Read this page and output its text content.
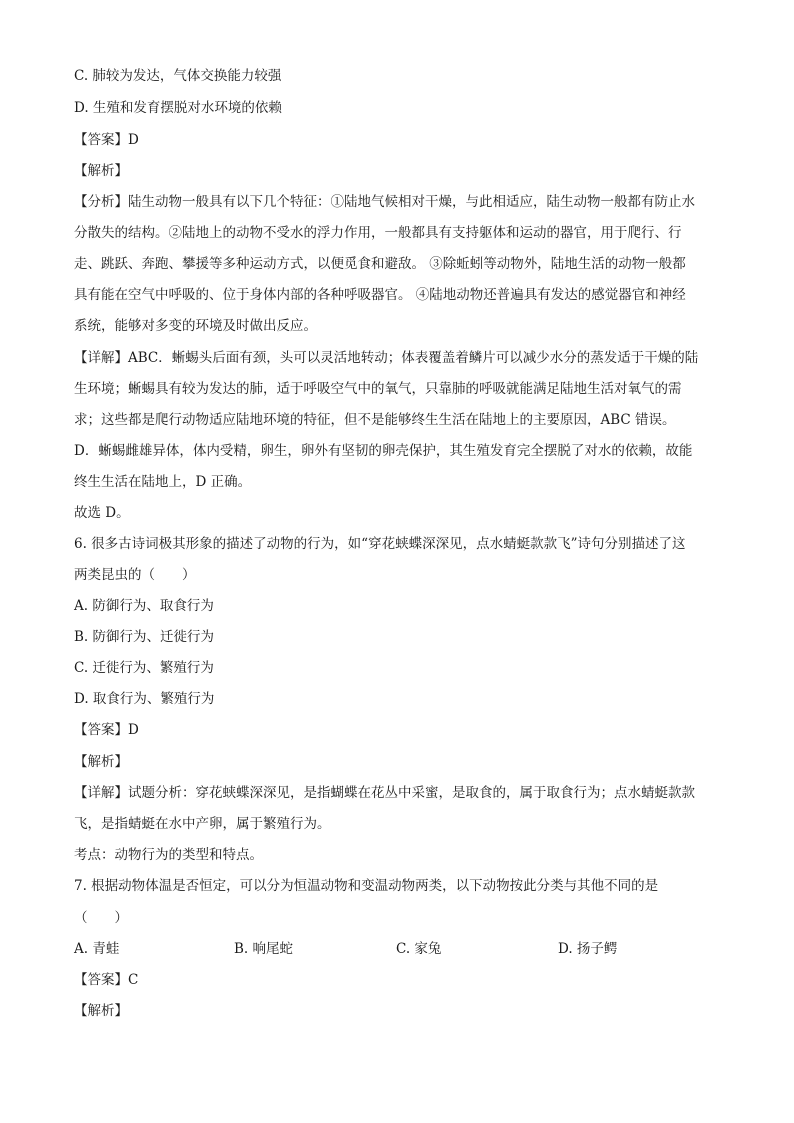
C. 肺较为发达，气体交换能力较强
D. 生殖和发育摆脱对水环境的依赖
【答案】D
【解析】
【分析】陆生动物一般具有以下几个特征：①陆地气候相对干燥，与此相适应，陆生动物一般都有防止水
分散失的结构。②陆地上的动物不受水的浮力作用，一般都具有支持躯体和运动的器官，用于爬行、行
走、跳跃、奔跑、攀援等多种运动方式，以便觅食和避敌。 ③除蚯蚓等动物外，陆地生活的动物一般都
具有能在空气中呼吸的、位于身体内部的各种呼吸器官。 ④陆地动物还普遍具有发达的感觉器官和神经
系统，能够对多变的环境及时做出反应。
【详解】ABC．蜥蜴头后面有颈，头可以灵活地转动；体表覆盖着鳞片可以减少水分的蒸发适于干燥的陆
生环境；蜥蜴具有较为发达的肺，适于呼吸空气中的氧气，只靠肺的呼吸就能满足陆地生活对氧气的需
求；这些都是爬行动物适应陆地环境的特征，但不是能够终生生活在陆地上的主要原因，ABC 错误。
D．蜥蜴雌雄异体，体内受精，卵生，卵外有坚韧的卵壳保护，其生殖发育完全摆脱了对水的依赖，故能
终生生活在陆地上，D 正确。
故选 D。
6. 很多古诗词极其形象的描述了动物的行为，如“穿花蛱蝶深深见，点水蜻蜓款款飞”诗句分别描述了这
两类昆虫的（　　）
A. 防御行为、取食行为
B. 防御行为、迁徙行为
C. 迁徙行为、繁殖行为
D. 取食行为、繁殖行为
【答案】D
【解析】
【详解】试题分析：穿花蛱蝶深深见，是指蝴蝶在花丛中采蜜，是取食的，属于取食行为；点水蜻蜓款款
飞，是指蜻蜓在水中产卵，属于繁殖行为。
考点：动物行为的类型和特点。
7. 根据动物体温是否恒定，可以分为恒温动物和变温动物两类，以下动物按此分类与其他不同的是
（　　）
A. 青蛙	B. 响尾蛇	C. 家兔	D. 扬子鳄
【答案】C
【解析】
